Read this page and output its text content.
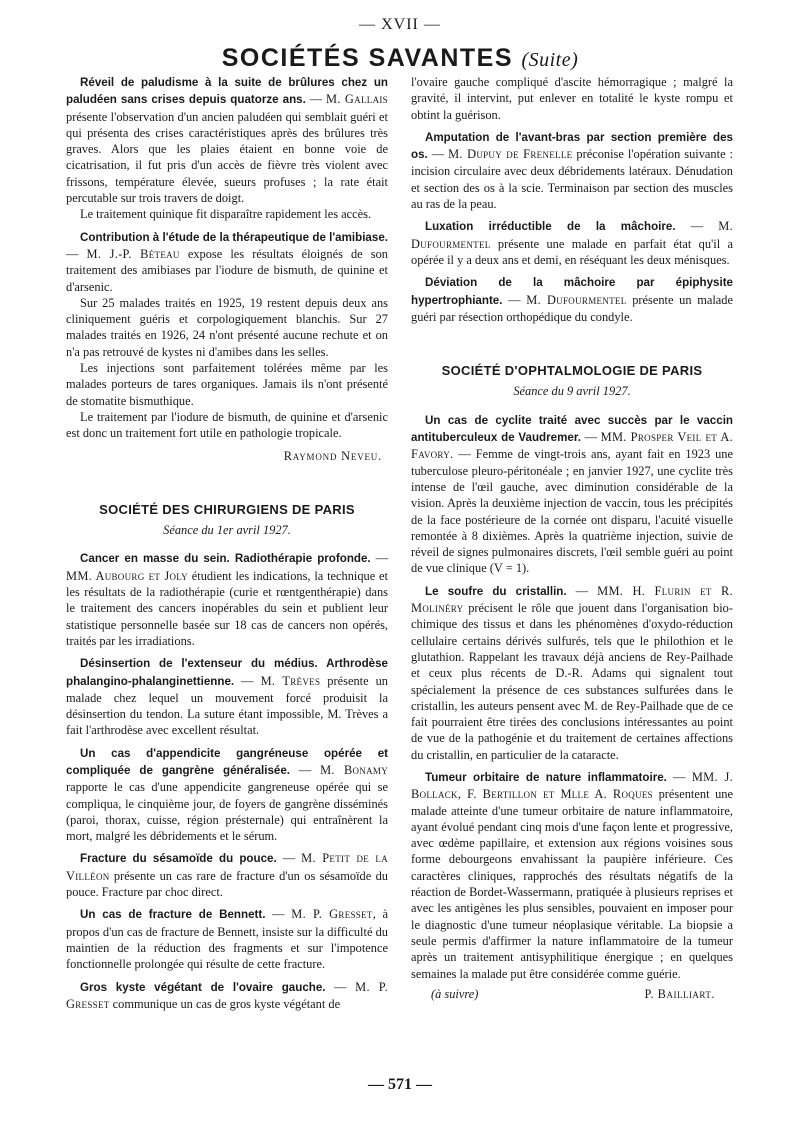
— XVII —
SOCIÉTÉS SAVANTES (Suite)

Réveil de paludisme à la suite de brûlures chez un paludéen sans crises depuis quatorze ans. — M. Gallais présente l'observation d'un ancien paludéen qui semblait guéri et qui présenta des crises caractéristiques après des brûlures très graves. Alors que les plaies étaient en bonne voie de cicatrisation, il fut pris d'un accès de fièvre très violent avec frissons, température élevée, sueurs profuses ; la rate était percutable sur trois travers de doigt.

Le traitement quinique fit disparaître rapidement les accès.

Contribution à l'étude de la thérapeutique de l'amibiase. — M. J.-P. Béteau expose les résultats éloignés de son traitement des amibiases par l'iodure de bismuth, de quinine et d'arsenic.

Sur 25 malades traités en 1925, 19 restent depuis deux ans cliniquement guéris et corpologiquement blanchis. Sur 27 malades traités en 1926, 24 n'ont présenté aucune rechute et on n'a pas retrouvé de kystes ni d'amibes dans les selles.

Les injections sont parfaitement tolérées même par les malades porteurs de tares organiques. Jamais ils n'ont présenté de stomatite bismuthique.

Le traitement par l'iodure de bismuth, de quinine et d'arsenic est donc un traitement fort utile en pathologie tropicale.

Raymond Neveu.
SOCIÉTÉ DES CHIRURGIENS DE PARIS
Séance du 1er avril 1927.

Cancer en masse du sein. Radiothérapie profonde. — MM. Aubourg et Joly étudient les indications, la technique et les résultats de la radiothérapie (curie et rœntgenthérapie) dans le traitement des cancers inopérables du sein et publient leur statistique personnelle basée sur 18 cas de cancers non opérés, traités par les irradiations.

Désinsertion de l'extenseur du médius. Arthrodèse phalangino-phalanginettienne. — M. Trèves présente un malade chez lequel un mouvement forcé produisit la désinsertion du tendon. La suture étant impossible, M. Trèves a fait l'arthrodèse avec excellent résultat.

Un cas d'appendicite gangréneuse opérée et compliquée de gangrène généralisée. — M. Bonamy rapporte le cas d'une appendicite gangreneuse opérée qui se compliqua, le cinquième jour, de foyers de gangrène disséminés (paroi, thorax, cuisse, région présternale) qui entraînèrent la mort, malgré les débridements et le sérum.

Fracture du sésamoïde du pouce. — M. Petit de la Villéon présente un cas rare de fracture d'un os sésamoïde du pouce. Fracture par choc direct.

Un cas de fracture de Bennett. — M. P. Gresset, à propos d'un cas de fracture de Bennett, insiste sur la difficulté du maintien de la réduction des fragments et sur l'impotence fonctionnelle prolongée qui résulte de cette fracture.

Gros kyste végétant de l'ovaire gauche. — M. P. Gresset communique un cas de gros kyste végétant de

l'ovaire gauche compliqué d'ascite hémorragique ; malgré la gravité, il intervint, put enlever en totalité le kyste rompu et obtint la guérison.

Amputation de l'avant-bras par section première des os. — M. Dupuy de Frenelle préconise l'opération suivante : incision circulaire avec deux débridements latéraux. Dénudation et section des os à la scie. Terminaison par section des muscles au ras de la peau.

Luxation irréductible de la mâchoire. — M. Dufourmentel présente une malade en parfait état qu'il a opérée il y a deux ans et demi, en réséquant les deux ménisques.

Déviation de la mâchoire par épiphysite hypertrophiante. — M. Dufourmentel présente un malade guéri par résection orthopédique du condyle.

SOCIÉTÉ D'OPHTALMOLOGIE DE PARIS
Séance du 9 avril 1927.

Un cas de cyclite traité avec succès par le vaccin antituberculeux de Vaudremer. — MM. Prosper Veil et A. Favory. — Femme de vingt-trois ans, ayant fait en 1923 une tuberculose pleuro-péritonéale ; en janvier 1927, une cyclite très intense de l'œil gauche, avec diminution considérable de la vision. Après la deuxième injection de vaccin, tous les précipités de la face postérieure de la cornée ont disparu, l'acuité visuelle remontée à 8 dixièmes. Après la quatrième injection, suivie de réveil de signes pulmonaires discrets, l'œil semble guéri au point de vue clinique (V = 1).

Le soufre du cristallin. — MM. H. Flurin et R. Molinéry précisent le rôle que jouent dans l'organisation bio-chimique des tissus et dans les phénomènes d'oxydo-réduction cellulaire certains dérivés sulfurés, tels que le philothion et le glutathion. Rappelant les travaux déjà anciens de Rey-Pailhade et ceux plus récents de D.-R. Adams qui signalent tout spécialement la présence de ces substances sulfurées dans le cristallin, les auteurs pensent avec M. de Rey-Pailhade que de ce fait pourraient être tirées des conclusions intéressantes au point de vue de la pathogénie et du traitement de certaines affections du cristallin, en particulier de la cataracte.

Tumeur orbitaire de nature inflammatoire. — MM. J. Bollack, F. Bertillon et Mlle A. Roques présentent une malade atteinte d'une tumeur orbitaire de nature inflammatoire, ayant évolué pendant cinq mois d'une façon lente et progressive, avec œdème papillaire, et extension aux régions voisines sous forme debourgeons envahissant la paupière inférieure. Ces caractères cliniques, rapprochés des résultats négatifs de la réaction de Bordet-Wassermann, pratiquée à plusieurs reprises et avec les antigènes les plus sensibles, pouvaient en imposer pour le diagnostic d'une tumeur néoplasique véritable. La biopsie a seule permis d'affirmer la nature inflammatoire de la tumeur après un traitement antisyphilitique énergique ; en quelques semaines la malade put être considérée comme guérie.

(à suivre)	P. Bailliart.
— 571 —
